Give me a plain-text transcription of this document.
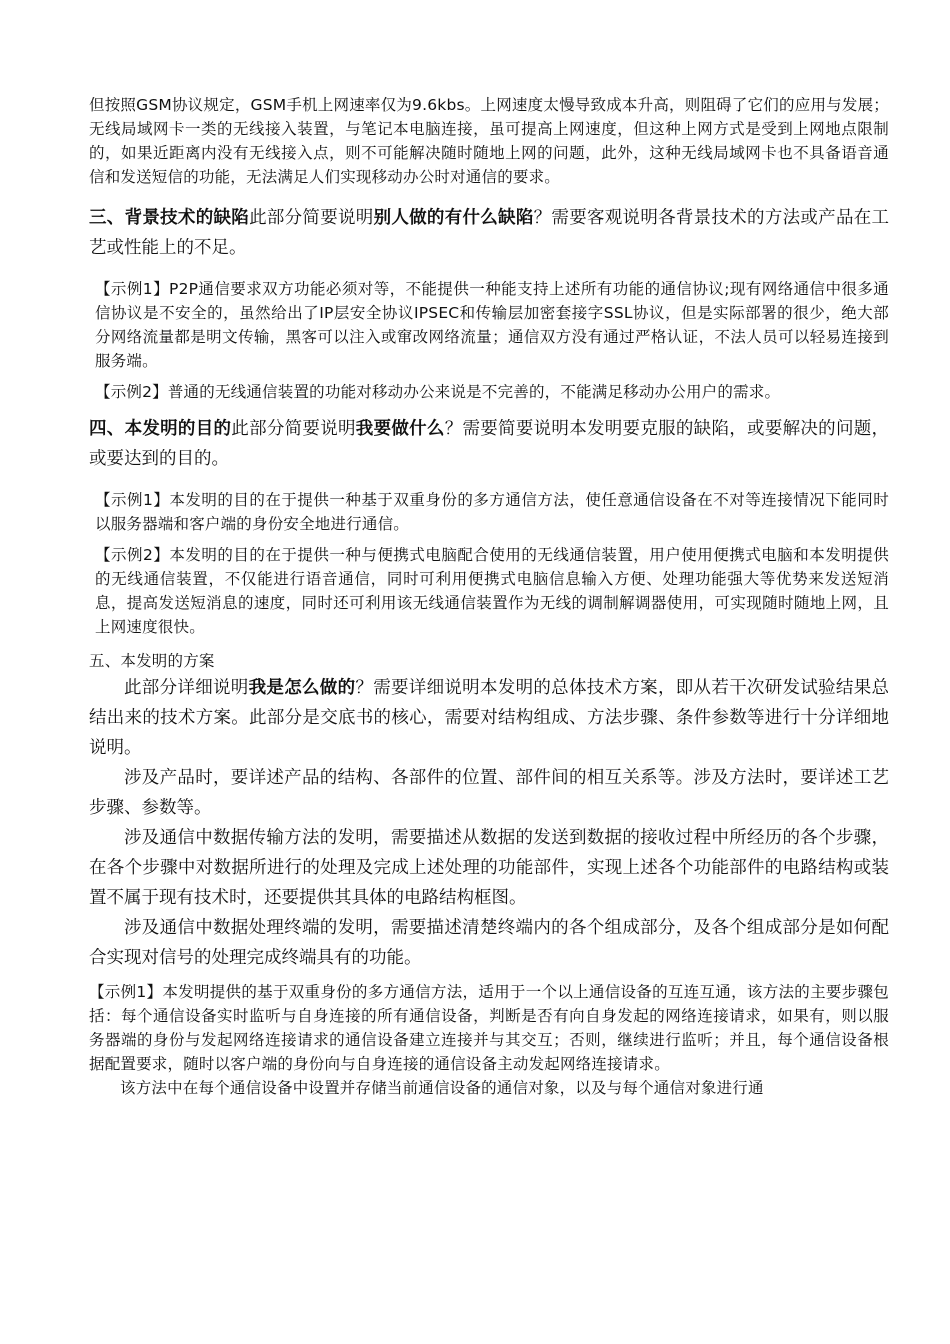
但按照GSM协议规定，GSM手机上网速率仅为9.6kbs。上网速度太慢导致成本升高，则阻碍了它们的应用与发展；无线局域网卡一类的无线接入装置，与笔记本电脑连接，虽可提高上网速度，但这种上网方式是受到上网地点限制的，如果近距离内没有无线接入点，则不可能解决随时随地上网的问题，此外，这种无线局域网卡也不具备语音通信和发送短信的功能，无法满足人们实现移动办公时对通信的要求。

三、背景技术的缺陷此部分简要说明别人做的有什么缺陷？需要客观说明各背景技术的方法或产品在工艺或性能上的不足。

【示例1】P2P通信要求双方功能必须对等，不能提供一种能支持上述所有功能的通信协议;现有网络通信中很多通信协议是不安全的，虽然给出了IP层安全协议IPSEC和传输层加密套接字SSL协议，但是实际部署的很少，绝大部分网络流量都是明文传输，黑客可以注入或窜改网络流量；通信双方没有通过严格认证，不法人员可以轻易连接到服务端。

【示例2】普通的无线通信装置的功能对移动办公来说是不完善的，不能满足移动办公用户的需求。

四、本发明的目的此部分简要说明我要做什么？需要简要说明本发明要克服的缺陷，或要解决的问题，或要达到的目的。

【示例1】本发明的目的在于提供一种基于双重身份的多方通信方法，使任意通信设备在不对等连接情况下能同时以服务器端和客户端的身份安全地进行通信。

【示例2】本发明的目的在于提供一种与便携式电脑配合使用的无线通信装置，用户使用便携式电脑和本发明提供的无线通信装置，不仅能进行语音通信，同时可利用便携式电脑信息输入方便、处理功能强大等优势来发送短消息，提高发送短消息的速度，同时还可利用该无线通信装置作为无线的调制解调器使用，可实现随时随地上网，且上网速度很快。

五、本发明的方案

此部分详细说明我是怎么做的？需要详细说明本发明的总体技术方案，即从若干次研发试验结果总结出来的技术方案。此部分是交底书的核心，需要对结构组成、方法步骤、条件参数等进行十分详细地说明。

涉及产品时，要详述产品的结构、各部件的位置、部件间的相互关系等。涉及方法时，要详述工艺步骤、参数等。

涉及通信中数据传输方法的发明，需要描述从数据的发送到数据的接收过程中所经历的各个步骤，在各个步骤中对数据所进行的处理及完成上述处理的功能部件，实现上述各个功能部件的电路结构或装置不属于现有技术时，还要提供其具体的电路结构框图。

涉及通信中数据处理终端的发明，需要描述清楚终端内的各个组成部分，及各个组成部分是如何配合实现对信号的处理完成终端具有的功能。

【示例1】本发明提供的基于双重身份的多方通信方法，适用于一个以上通信设备的互连互通，该方法的主要步骤包括：每个通信设备实时监听与自身连接的所有通信设备，判断是否有向自身发起的网络连接请求，如果有，则以服务器端的身份与发起网络连接请求的通信设备建立连接并与其交互；否则，继续进行监听；并且，每个通信设备根据配置要求，随时以客户端的身份向与自身连接的通信设备主动发起网络连接请求。

该方法中在每个通信设备中设置并存储当前通信设备的通信对象，以及与每个通信对象进行通
